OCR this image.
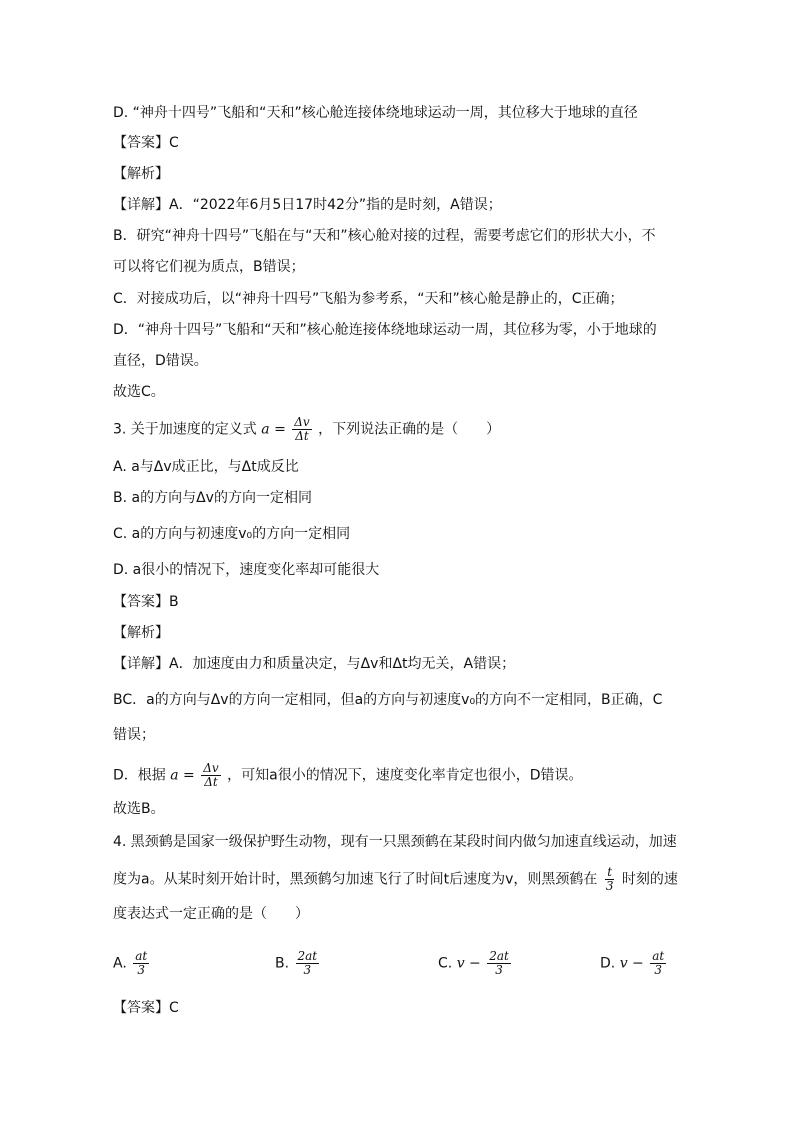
D. “神舟十四号”飞船和“天和”核心舱连接体绕地球运动一周，其位移大于地球的直径
【答案】C
【解析】
【详解】A．“2022年6月5日17时42分”指的是时刻，A错误；
B．研究“神舟十四号”飞船在与“天和”核心舱对接的过程，需要考虑它们的形状大小，不
可以将它们视为质点，B错误；
C．对接成功后，以“神舟十四号”飞船为参考系，“天和”核心舱是静止的，C正确；
D．“神舟十四号”飞船和“天和”核心舱连接体绕地球运动一周，其位移为零，小于地球的
直径，D错误。
故选C。
3. 关于加速度的定义式 $a = \frac{\Delta v}{\Delta t}$ ，下列说法正确的是（　　）
A. a与Δv成正比，与Δt成反比
B. a的方向与Δv的方向一定相同
C. a的方向与初速度v₀的方向一定相同
D. a很小的情况下，速度变化率却可能很大
【答案】B
【解析】
【详解】A．加速度由力和质量决定，与Δv和Δt均无关，A错误；
BC．a的方向与Δv的方向一定相同，但a的方向与初速度v₀的方向不一定相同，B正确，C
错误；
D．根据 $a = \frac{\Delta v}{\Delta t}$ ，可知a很小的情况下，速度变化率肯定也很小，D错误。
故选B。
4. 黑颈鹤是国家一级保护野生动物，现有一只黑颈鹤在某段时间内做匀加速直线运动，加速
度为a。从某时刻开始计时，黑颈鹤匀加速飞行了时间t后速度为v，则黑颈鹤在 $\frac{t}{3}$ 时刻的速
度表达式一定正确的是（　　）
A. $\frac{at}{3}$	B. $\frac{2at}{3}$	C. $v - \frac{2at}{3}$	D. $v - \frac{at}{3}$
【答案】C
